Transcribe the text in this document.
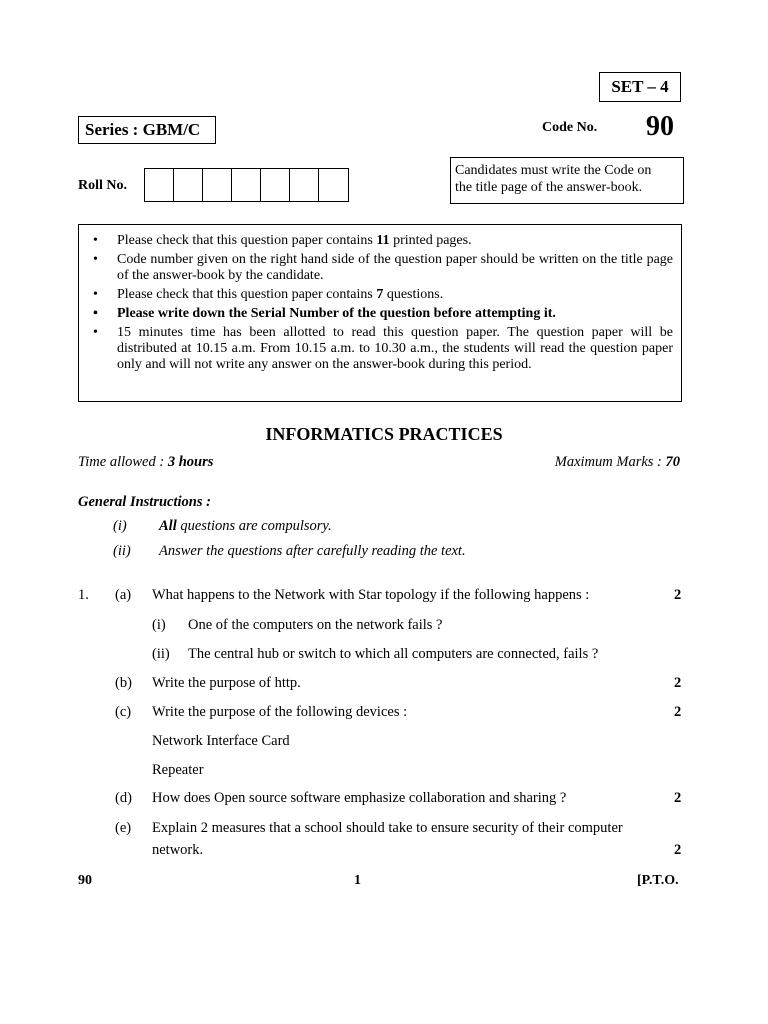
SET – 4
Series : GBM/C	Code No. 90
Roll No.
Candidates must write the Code on
the title page of the answer-book.
• Please check that this question paper contains 11 printed pages.
• Code number given on the right hand side of the question paper should be written on the title page of the answer-book by the candidate.
• Please check that this question paper contains 7 questions.
• Please write down the Serial Number of the question before attempting it.
• 15 minutes time has been allotted to read this question paper. The question paper will be distributed at 10.15 a.m. From 10.15 a.m. to 10.30 a.m., the students will read the question paper only and will not write any answer on the answer-book during this period.
INFORMATICS PRACTICES
Time allowed : 3 hours	Maximum Marks : 70
General Instructions :
(i) All questions are compulsory.
(ii) Answer the questions after carefully reading the text.
1. (a) What happens to the Network with Star topology if the following happens :	2
(i) One of the computers on the network fails ?
(ii) The central hub or switch to which all computers are connected, fails ?
(b) Write the purpose of http.	2
(c) Write the purpose of the following devices :	2
Network Interface Card
Repeater
(d) How does Open source software emphasize collaboration and sharing ?	2
(e) Explain 2 measures that a school should take to ensure security of their computer
network.	2
90	1	[P.T.O.
